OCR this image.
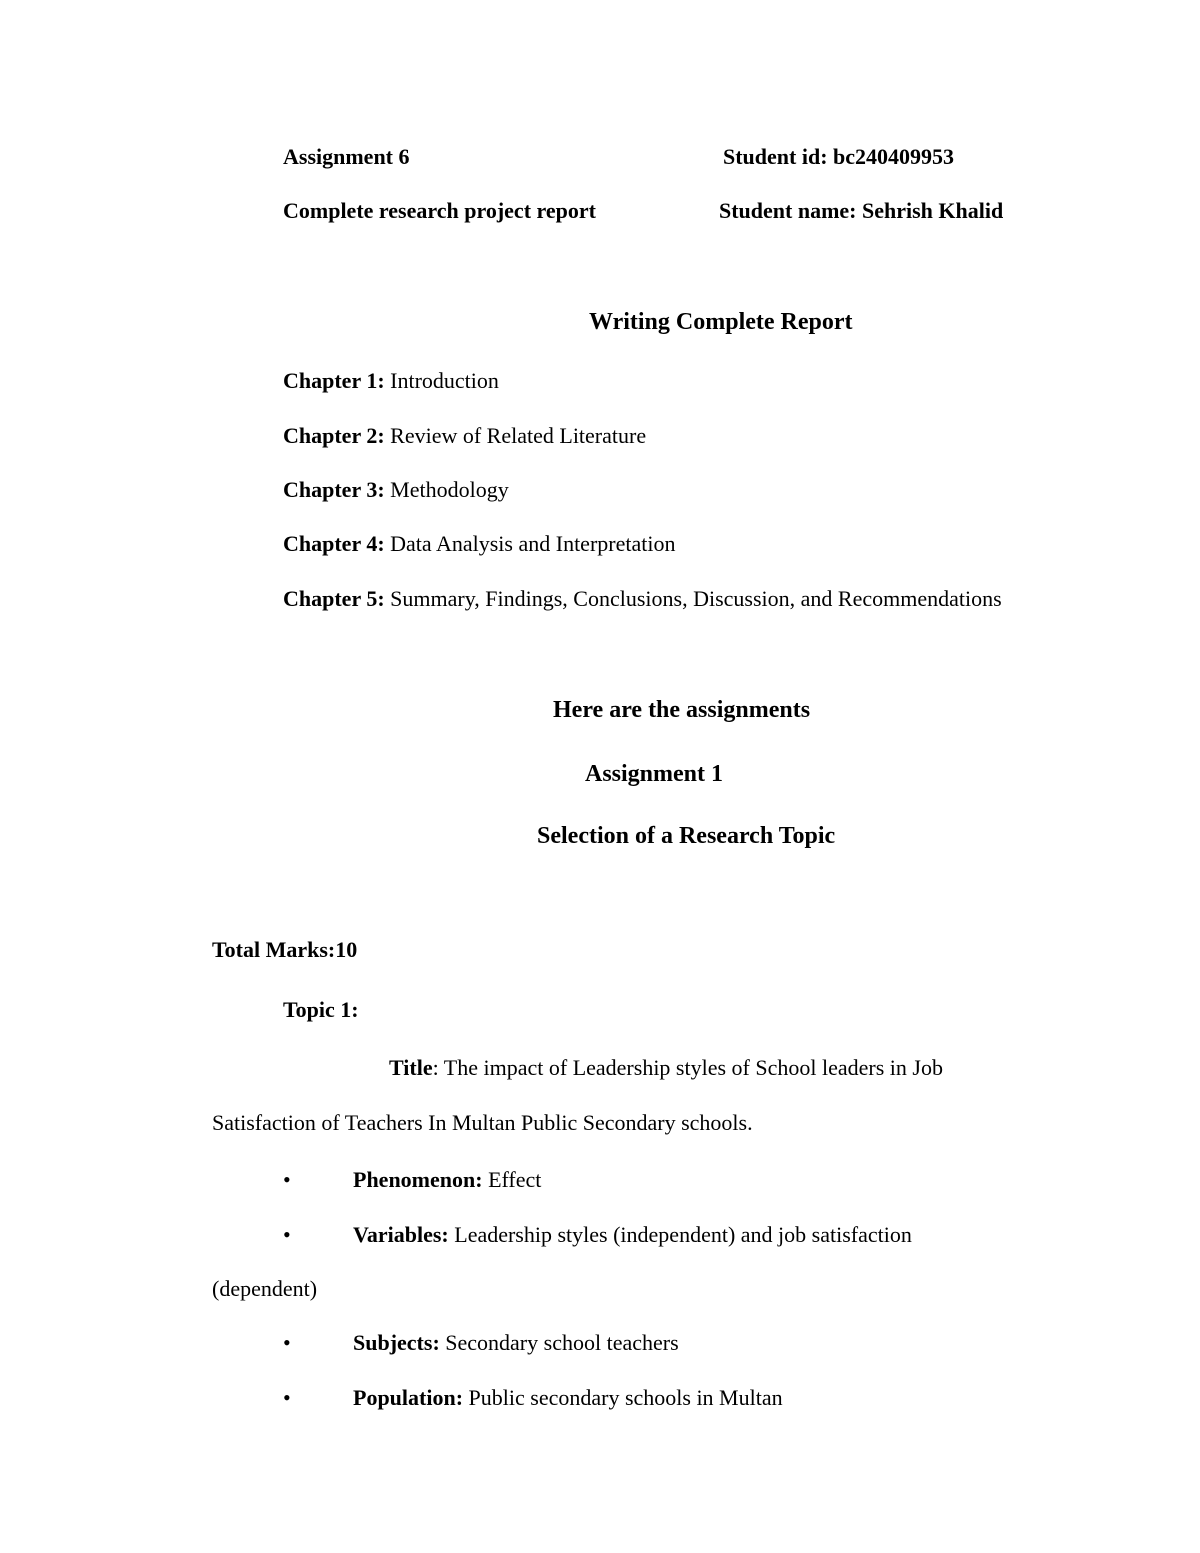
Assignment 6	Student id: bc240409953
Complete research project report	Student name: Sehrish Khalid
Writing Complete Report
Chapter 1: Introduction
Chapter 2: Review of Related Literature
Chapter 3: Methodology
Chapter 4: Data Analysis and Interpretation
Chapter 5: Summary, Findings, Conclusions, Discussion, and Recommendations
Here are the assignments
Assignment 1
Selection of a Research Topic
Total Marks:10
Topic 1:
Title: The impact of Leadership styles of School leaders in Job
Satisfaction of Teachers In Multan Public Secondary schools.
•	Phenomenon: Effect
•	Variables: Leadership styles (independent) and job satisfaction
(dependent)
•	Subjects: Secondary school teachers
•	Population: Public secondary schools in Multan
